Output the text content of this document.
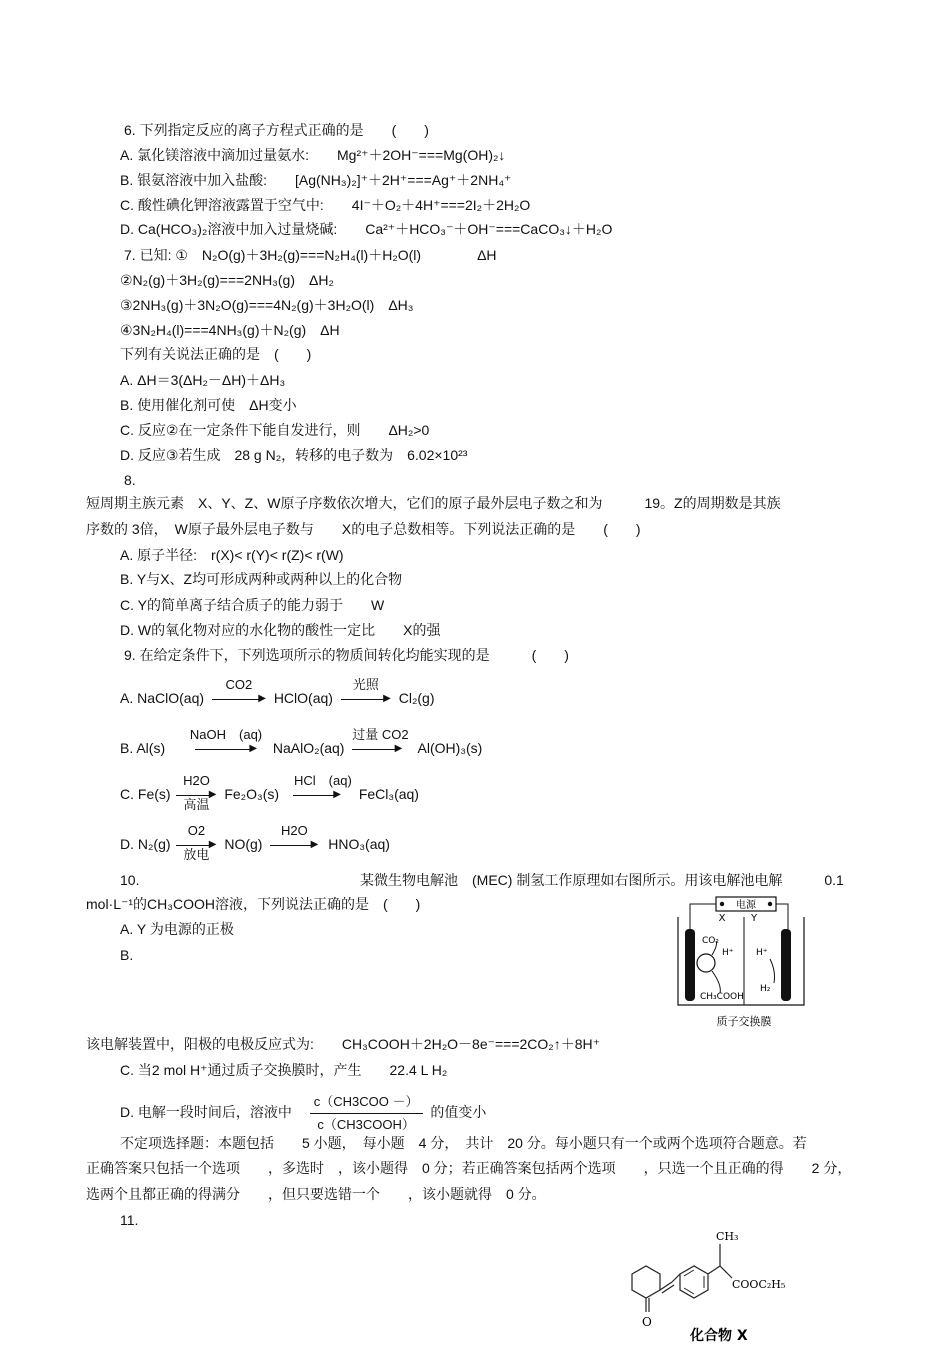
6. 下列指定反应的离子方程式正确的是　　(　　)
A. 氯化镁溶液中滴加过量氨水:　　Mg²⁺＋2OH⁻===Mg(OH)₂↓
B. 银氨溶液中加入盐酸:　　[Ag(NH₃)₂]⁺＋2H⁺===Ag⁺＋2NH₄⁺
C. 酸性碘化钾溶液露置于空气中:　　4I⁻＋O₂＋4H⁺===2I₂＋2H₂O
D. Ca(HCO₃)₂溶液中加入过量烧碱:　　Ca²⁺＋HCO₃⁻＋OH⁻===CaCO₃↓＋H₂O
7. 已知: ①　N₂O(g)＋3H₂(g)===N₂H₄(l)＋H₂O(l)　　　　ΔH
②N₂(g)＋3H₂(g)===2NH₃(g)　ΔH₂
③2NH₃(g)＋3N₂O(g)===4N₂(g)＋3H₂O(l)　ΔH₃
④3N₂H₄(l)===4NH₃(g)＋N₂(g)　ΔH
下列有关说法正确的是　(　　)
A. ΔH＝3(ΔH₂－ΔH)＋ΔH₃
B. 使用催化剂可使　ΔH变小
C. 反应②在一定条件下能自发进行，则　　ΔH₂>0
D. 反应③若生成　28 g N₂，转移的电子数为　6.02×10²³
8.
短周期主族元素　X、Y、Z、W原子序数依次增大，它们的原子最外层电子数之和为　　　19。Z的周期数是其族
序数的 3倍，　W原子最外层电子数与　　X的电子总数相等。下列说法正确的是　　(　　)
A. 原子半径:　r(X)< r(Y)< r(Z)< r(W)
B. Y与X、Z均可形成两种或两种以上的化合物
C. Y的简单离子结合质子的能力弱于　　W
D. W的氧化物对应的水化物的酸性一定比　　X的强
9. 在给定条件下，下列选项所示的物质间转化均能实现的是　　　(　　)
A. NaClO(aq)
CO2
▶ HClO(aq)
光照
▶ Cl₂(g)
B. Al(s)
NaOH　(aq)
▶ NaAlO₂(aq)
过量 CO2
▶ Al(OH)₃(s)
C. Fe(s)
H2O
▶
高温
Fe₂O₃(s)
HCl　(aq)
▶ FeCl₃(aq)
D. N₂(g)
O2
▶
放电
NO(g)
H2O
▶ HNO₃(aq)
10.	某微生物电解池　(MEC) 制氢工作原理如右图所示。用该电解池电解　　　0.1
mol·L⁻¹的CH₃COOH溶液，下列说法正确的是　(　　)
A. Y 为电源的正极
B.
电源
X	Y
CO₂
H⁺ H⁺
H₂
CH₃COOH
质子交换膜
该电解装置中，阳极的电极反应式为:　　CH₃COOH＋2H₂O－8e⁻===2CO₂↑＋8H⁺
C. 当2 mol H⁺通过质子交换膜时，产生　　22.4 L H₂
D. 电解一段时间后，溶液中 $\frac{\text{c（CH3COO －）}}{\text{c（CH3COOH）}}$ 的值变小
不定项选择题：本题包括　　5 小题，　每小题　4 分，　共计　20 分。每小题只有一个或两个选项符合题意。若
正确答案只包括一个选项　　，多选时　，该小题得　0 分；若正确答案包括两个选项　　，只选一个且正确的得　　2 分，
选两个且都正确的得满分　　，但只要选错一个　　，该小题就得　0 分。
11.
O
CH₃
COOC₂H₅
化合物 X
